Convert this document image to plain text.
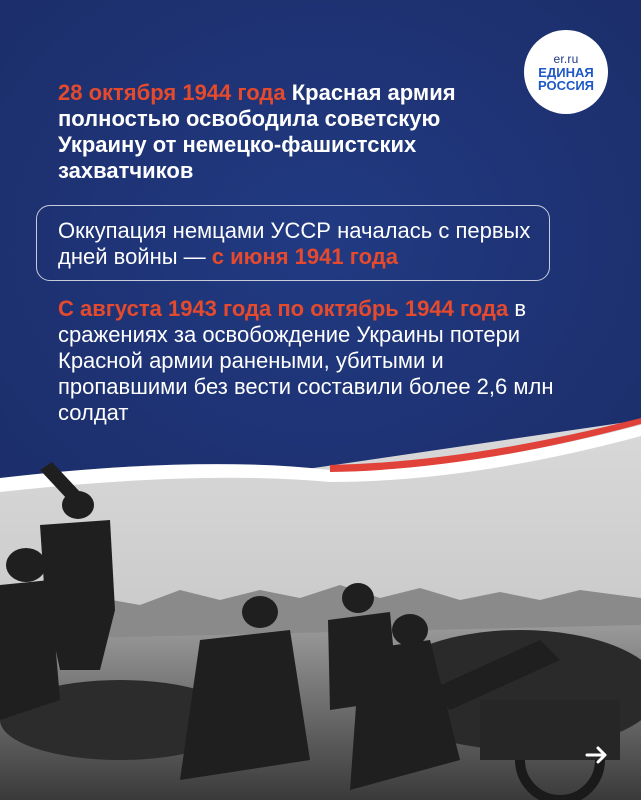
er.ru
ЕДИНАЯ
РОССИЯ
28 октября 1944 года Красная армия полностью освободила советскую Украину от немецко-фашистских захватчиков
Оккупация немцами УССР началась с первых дней войны — с июня 1941 года
С августа 1943 года по октябрь 1944 года в сражениях за освобождение Украины потери Красной армии ранеными, убитыми и пропавшими без вести составили более 2,6 млн солдат
